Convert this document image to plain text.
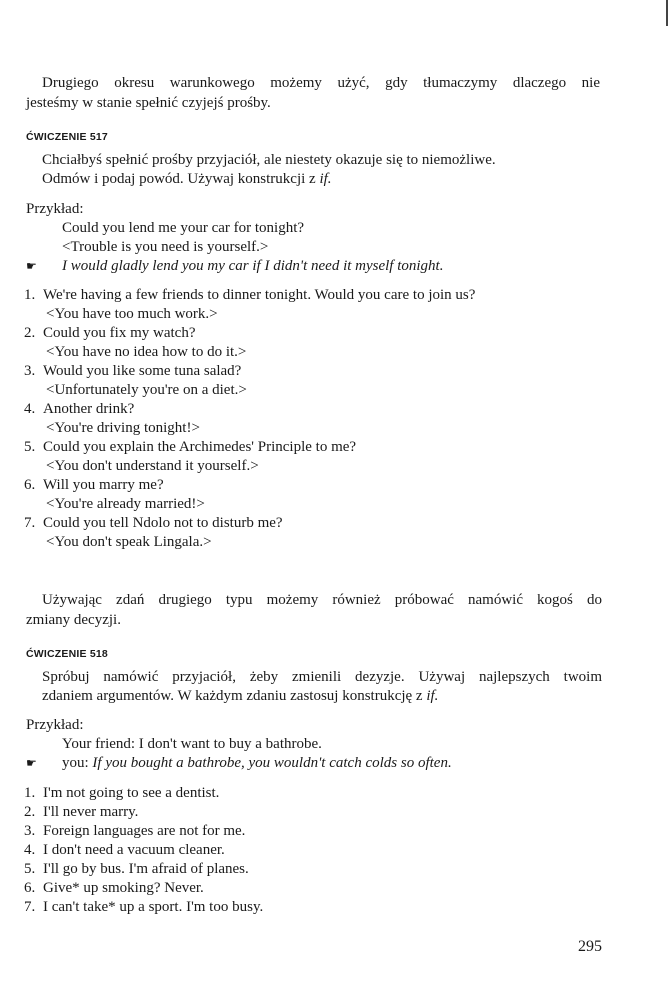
Drugiego okresu warunkowego możemy użyć, gdy tłumaczymy dlaczego nie
jesteśmy w stanie spełnić czyjejś prośby.
ĆWICZENIE 517
Chciałbyś spełnić prośby przyjaciół, ale niestety okazuje się to niemożliwe.
Odmów i podaj powód. Używaj konstrukcji z if.
Przykład:
Could you lend me your car for tonight?
<Trouble is you need is yourself.>
☛ I would gladly lend you my car if I didn't need it myself tonight.
1. We're having a few friends to dinner tonight. Would you care to join us?
<You have too much work.>
2. Could you fix my watch?
<You have no idea how to do it.>
3. Would you like some tuna salad?
<Unfortunately you're on a diet.>
4. Another drink?
<You're driving tonight!>
5. Could you explain the Archimedes' Principle to me?
<You don't understand it yourself.>
6. Will you marry me?
<You're already married!>
7. Could you tell Ndolo not to disturb me?
<You don't speak Lingala.>
Używając zdań drugiego typu możemy również próbować namówić kogoś do
zmiany decyzji.
ĆWICZENIE 518
Spróbuj namówić przyjaciół, żeby zmienili dezyzje. Używaj najlepszych twoim
zdaniem argumentów. W każdym zdaniu zastosuj konstrukcję z if.
Przykład:
Your friend: I don't want to buy a bathrobe.
☛ you: If you bought a bathrobe, you wouldn't catch colds so often.
1. I'm not going to see a dentist.
2. I'll never marry.
3. Foreign languages are not for me.
4. I don't need a vacuum cleaner.
5. I'll go by bus. I'm afraid of planes.
6. Give* up smoking? Never.
7. I can't take* up a sport. I'm too busy.
295
